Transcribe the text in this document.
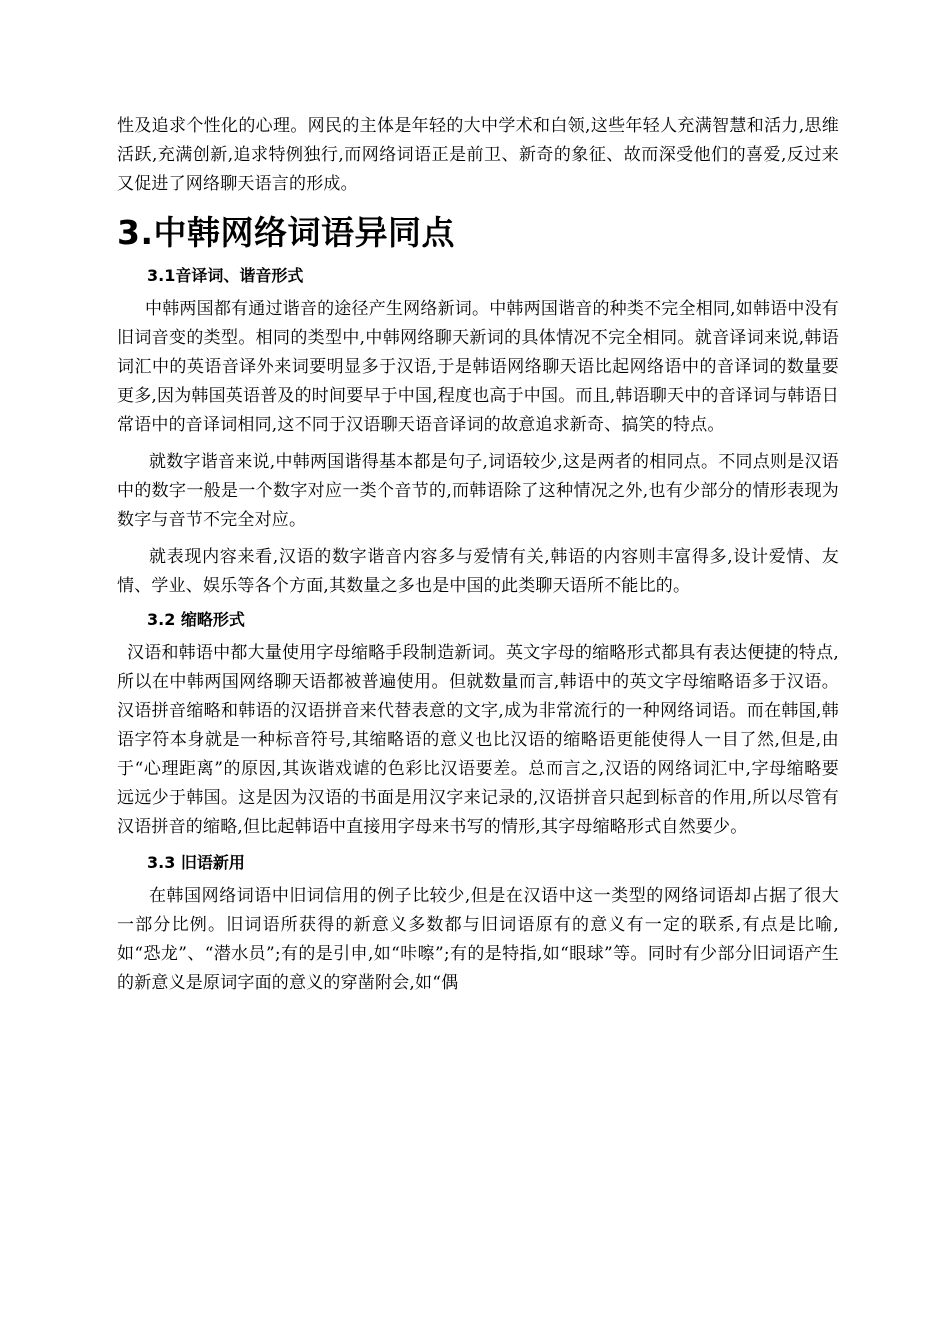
性及追求个性化的心理。网民的主体是年轻的大中学术和白领,这些年轻人充满智慧和活力,思维活跃,充满创新,追求特例独行,而网络词语正是前卫、新奇的象征、故而深受他们的喜爱,反过来又促进了网络聊天语言的形成。

3.中韩网络词语异同点
3.1音译词、谐音形式

中韩两国都有通过谐音的途径产生网络新词。中韩两国谐音的种类不完全相同,如韩语中没有旧词音变的类型。相同的类型中,中韩网络聊天新词的具体情况不完全相同。就音译词来说,韩语词汇中的英语音译外来词要明显多于汉语,于是韩语网络聊天语比起网络语中的音译词的数量要更多,因为韩国英语普及的时间要早于中国,程度也高于中国。而且,韩语聊天中的音译词与韩语日常语中的音译词相同,这不同于汉语聊天语音译词的故意追求新奇、搞笑的特点。

就数字谐音来说,中韩两国谐得基本都是句子,词语较少,这是两者的相同点。不同点则是汉语中的数字一般是一个数字对应一类个音节的,而韩语除了这种情况之外,也有少部分的情形表现为数字与音节不完全对应。

就表现内容来看,汉语的数字谐音内容多与爱情有关,韩语的内容则丰富得多,设计爱情、友情、学业、娱乐等各个方面,其数量之多也是中国的此类聊天语所不能比的。

3.2 缩略形式

汉语和韩语中都大量使用字母缩略手段制造新词。英文字母的缩略形式都具有表达便捷的特点,所以在中韩两国网络聊天语都被普遍使用。但就数量而言,韩语中的英文字母缩略语多于汉语。汉语拼音缩略和韩语的汉语拼音来代替表意的文字,成为非常流行的一种网络词语。而在韩国,韩语字符本身就是一种标音符号,其缩略语的意义也比汉语的缩略语更能使得人一目了然,但是,由于“心理距离”的原因,其诙谐戏谑的色彩比汉语要差。总而言之,汉语的网络词汇中,字母缩略要远远少于韩国。这是因为汉语的书面是用汉字来记录的,汉语拼音只起到标音的作用,所以尽管有汉语拼音的缩略,但比起韩语中直接用字母来书写的情形,其字母缩略形式自然要少。

3.3 旧语新用

在韩国网络词语中旧词信用的例子比较少,但是在汉语中这一类型的网络词语却占据了很大一部分比例。旧词语所获得的新意义多数都与旧词语原有的意义有一定的联系,有点是比喻,如“恐龙”、“潜水员”;有的是引申,如“咔嚓”;有的是特指,如“眼球”等。同时有少部分旧词语产生的新意义是原词字面的意义的穿凿附会,如“偶
